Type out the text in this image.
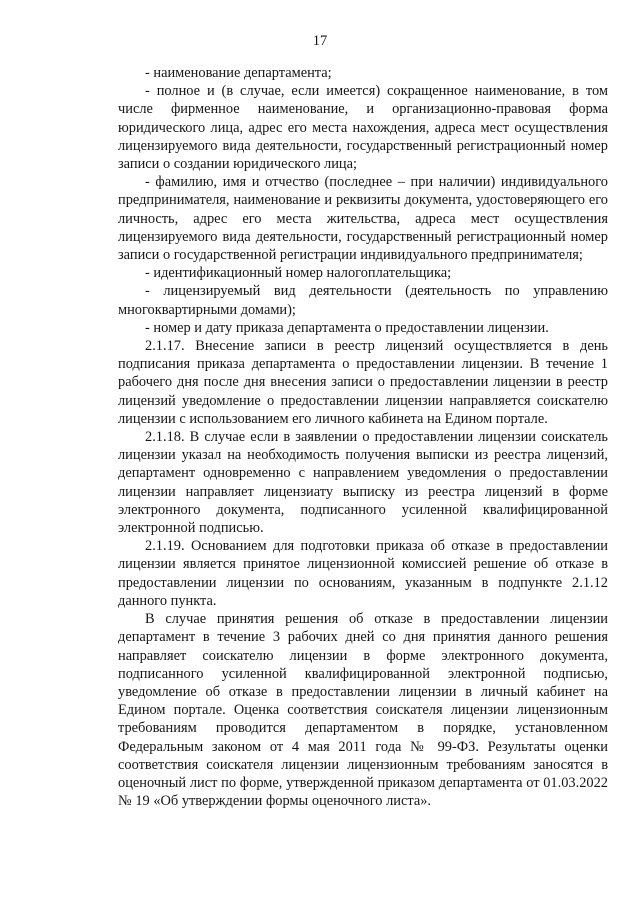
17

- наименование департамента;

- полное и (в случае, если имеется) сокращенное наименование, в том числе фирменное наименование, и организационно-правовая форма юридического лица, адрес его места нахождения, адреса мест осуществления лицензируемого вида деятельности, государственный регистрационный номер записи о создании юридического лица;

- фамилию, имя и отчество (последнее – при наличии) индивидуального предпринимателя, наименование и реквизиты документа, удостоверяющего его личность, адрес его места жительства, адреса мест осуществления лицензируемого вида деятельности, государственный регистрационный номер записи о государственной регистрации индивидуального предпринимателя;

- идентификационный номер налогоплательщика;

- лицензируемый вид деятельности (деятельность по управлению многоквартирными домами);

- номер и дату приказа департамента о предоставлении лицензии.

2.1.17. Внесение записи в реестр лицензий осуществляется в день подписания приказа департамента о предоставлении лицензии. В течение 1 рабочего дня после дня внесения записи о предоставлении лицензии в реестр лицензий уведомление о предоставлении лицензии направляется соискателю лицензии с использованием его личного кабинета на Едином портале.

2.1.18. В случае если в заявлении о предоставлении лицензии соискатель лицензии указал на необходимость получения выписки из реестра лицензий, департамент одновременно с направлением уведомления о предоставлении лицензии направляет лицензиату выписку из реестра лицензий в форме электронного документа, подписанного усиленной квалифицированной электронной подписью.

2.1.19. Основанием для подготовки приказа об отказе в предоставлении лицензии является принятое лицензионной комиссией решение об отказе в предоставлении лицензии по основаниям, указанным в подпункте 2.1.12 данного пункта.

В случае принятия решения об отказе в предоставлении лицензии департамент в течение 3 рабочих дней со дня принятия данного решения направляет соискателю лицензии в форме электронного документа, подписанного усиленной квалифицированной электронной подписью, уведомление об отказе в предоставлении лицензии в личный кабинет на Едином портале. Оценка соответствия соискателя лицензии лицензионным требованиям проводится департаментом в порядке, установленном Федеральным законом от 4 мая 2011 года № 99-ФЗ. Результаты оценки соответствия соискателя лицензии лицензионным требованиям заносятся в оценочный лист по форме, утвержденной приказом департамента от 01.03.2022 № 19 «Об утверждении формы оценочного листа».
